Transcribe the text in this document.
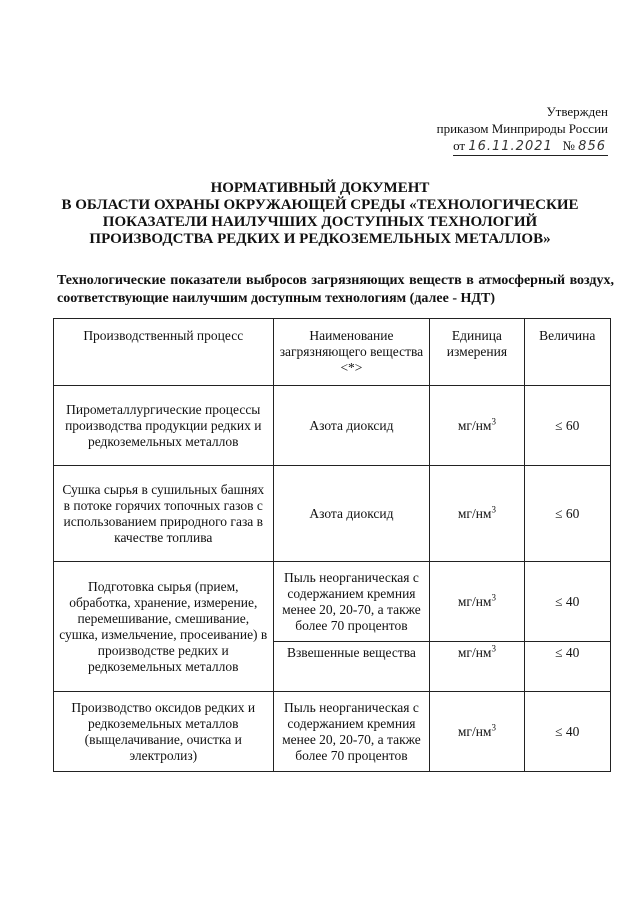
Утвержден
приказом Минприроды России
от 16.11.2021 № 856
НОРМАТИВНЫЙ ДОКУМЕНТ
В ОБЛАСТИ ОХРАНЫ ОКРУЖАЮЩЕЙ СРЕДЫ «ТЕХНОЛОГИЧЕСКИЕ
ПОКАЗАТЕЛИ НАИЛУЧШИХ ДОСТУПНЫХ ТЕХНОЛОГИЙ
ПРОИЗВОДСТВА РЕДКИХ И РЕДКОЗЕМЕЛЬНЫХ МЕТАЛЛОВ»
Технологические показатели выбросов загрязняющих веществ в атмосферный воздух, соответствующие наилучшим доступным технологиям (далее - НДТ)
Производственный процесс	Наименование загрязняющего вещества <*>	Единица измерения	Величина
Пирометаллургические процессы производства продукции редких и редкоземельных металлов	Азота диоксид	$мг/нм^3$	≤ 60
Сушка сырья в сушильных башнях в потоке горячих топочных газов с использованием природного газа в качестве топлива	Азота диоксид	$мг/нм^3$	≤ 60
Подготовка сырья (прием, обработка, хранение, измерение, перемешивание, смешивание, сушка, измельчение, просеивание) в производстве редких и редкоземельных металлов	Пыль неорганическая с содержанием кремния менее 20, 20-70, а также более 70 процентов	$мг/нм^3$	≤ 40
	Взвешенные вещества	$мг/нм^3$	≤ 40
Производство оксидов редких и редкоземельных металлов (выщелачивание, очистка и электролиз)	Пыль неорганическая с содержанием кремния менее 20, 20-70, а также более 70 процентов	$мг/нм^3$	≤ 40
